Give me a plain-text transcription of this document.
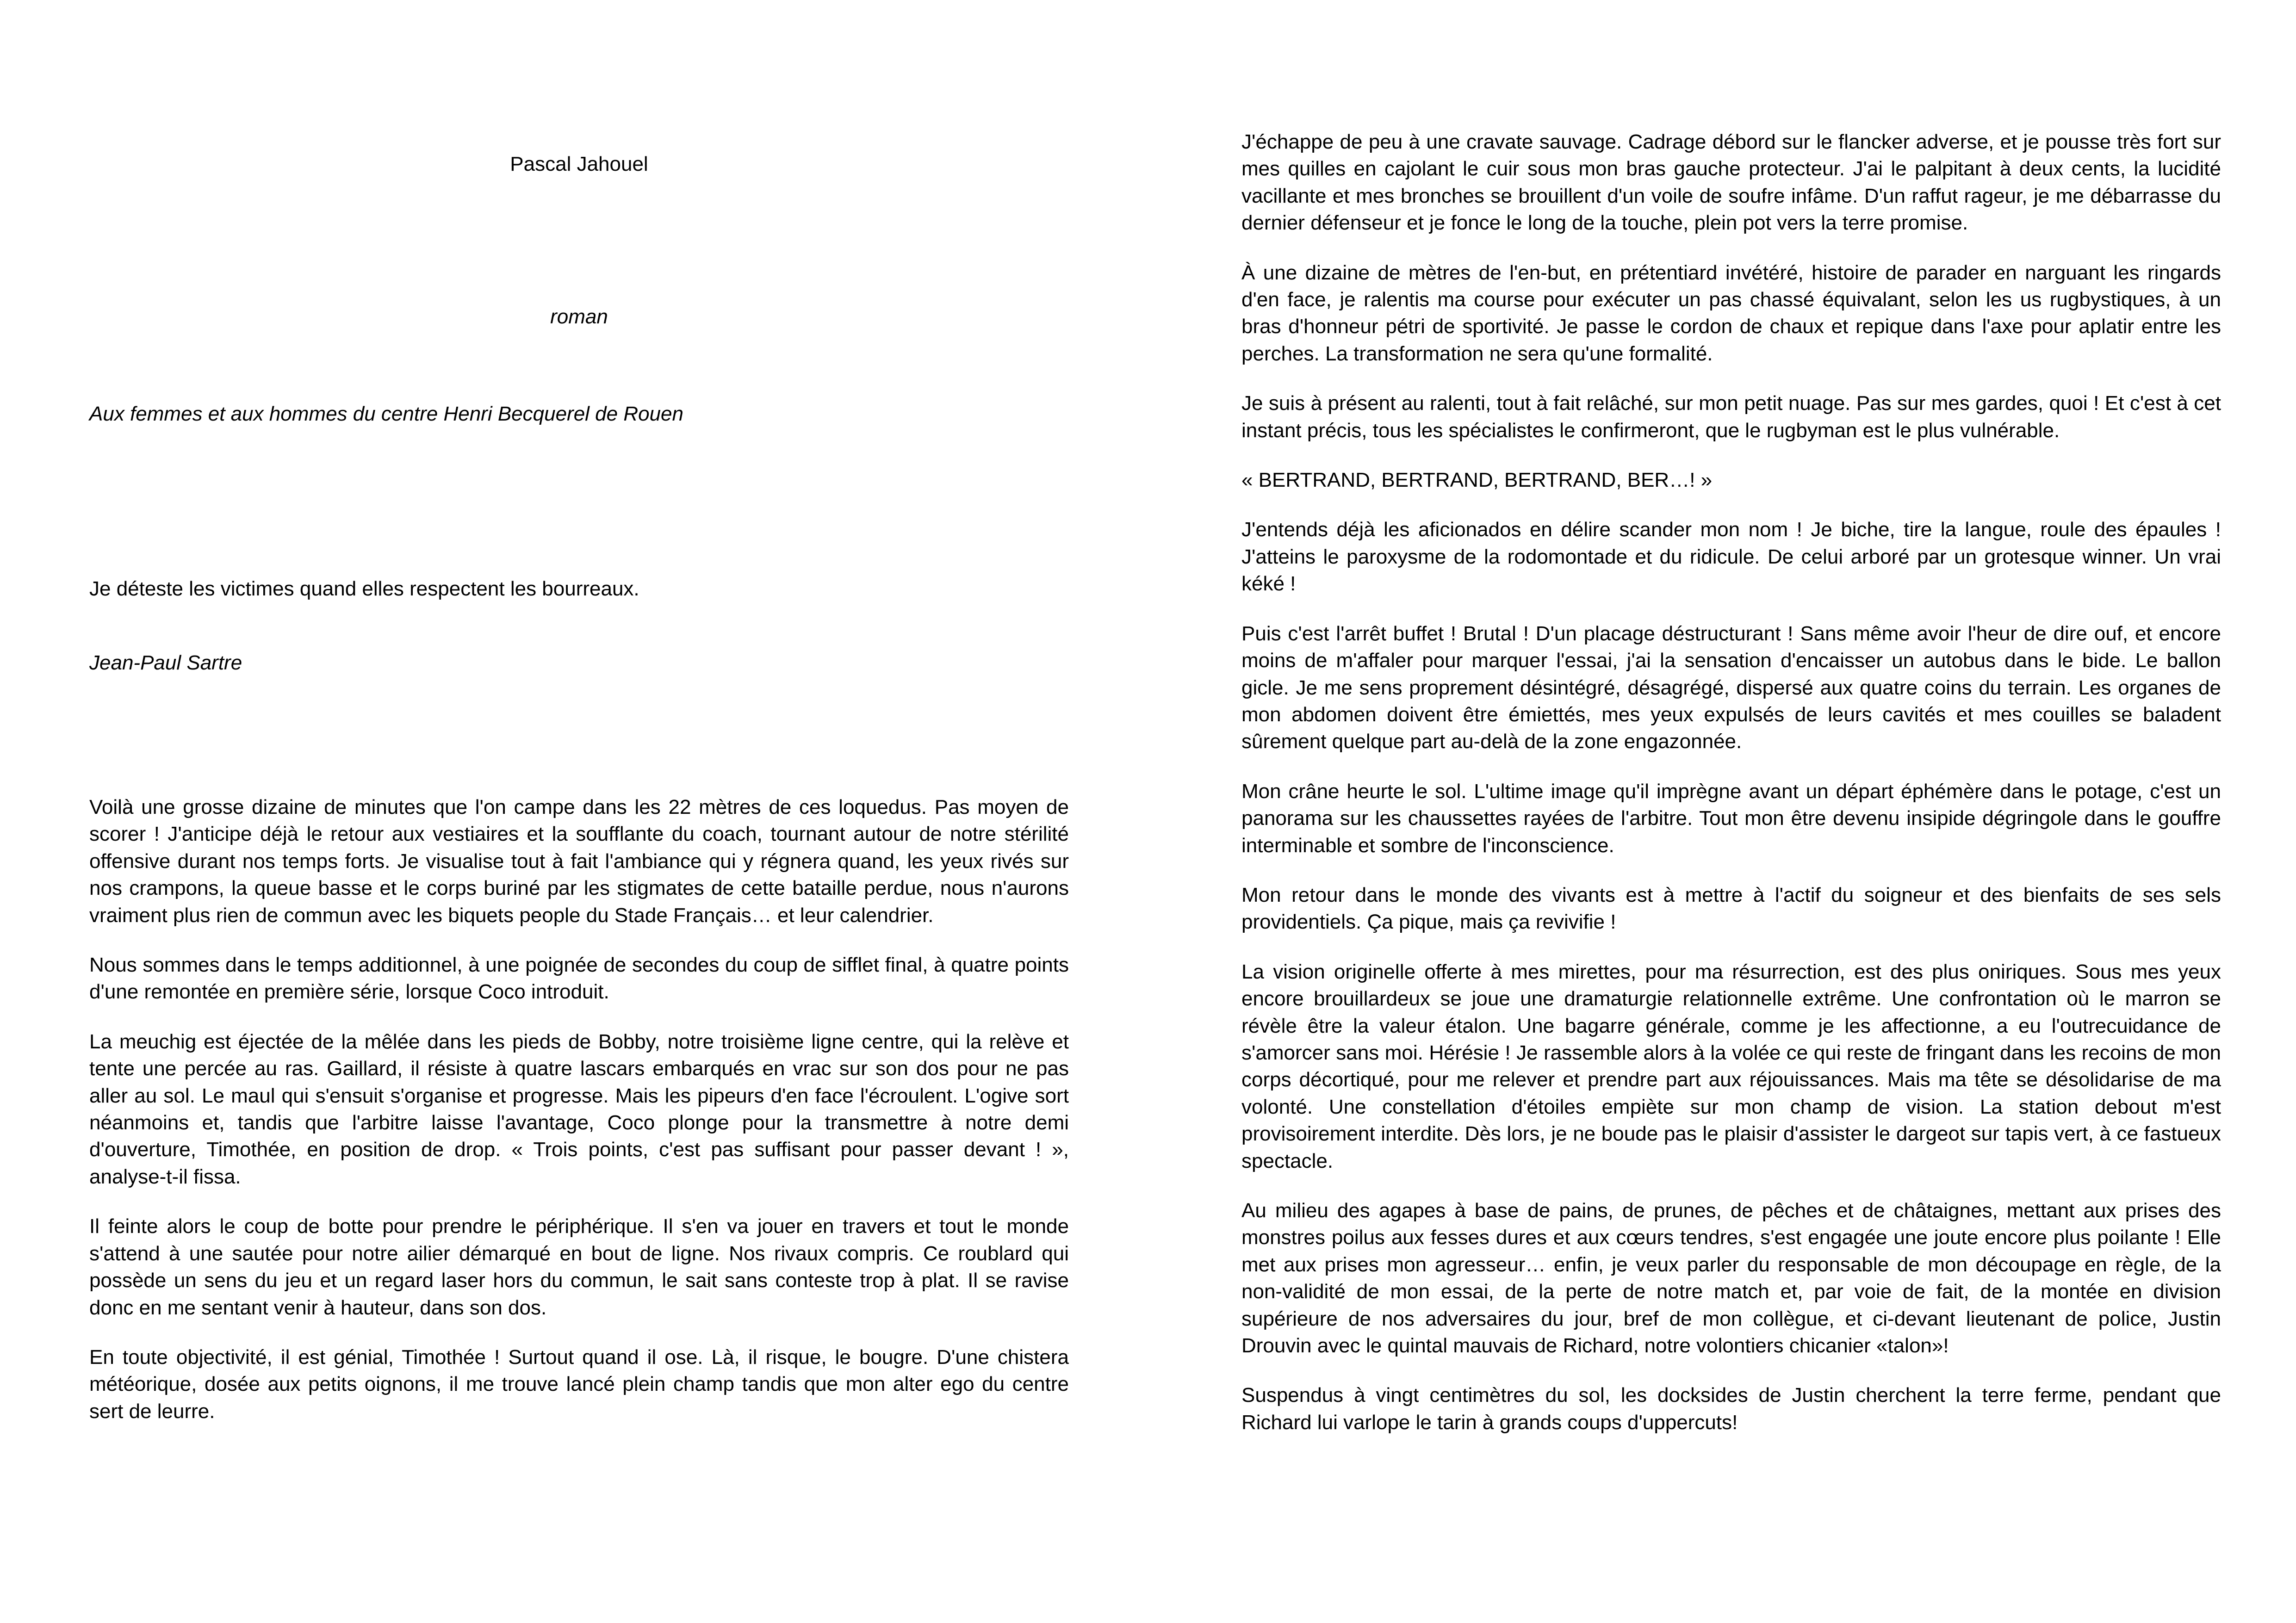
Pascal Jahouel

roman

Aux femmes et aux hommes du centre Henri Becquerel de Rouen

Je déteste les victimes quand elles respectent les bourreaux.

Jean-Paul Sartre

Voilà une grosse dizaine de minutes que l'on campe dans les 22 mètres de ces loquedus. Pas moyen de scorer ! J'anticipe déjà le retour aux vestiaires et la soufflante du coach, tournant autour de notre stérilité offensive durant nos temps forts. Je visualise tout à fait l'ambiance qui y régnera quand, les yeux rivés sur nos crampons, la queue basse et le corps buriné par les stigmates de cette bataille perdue, nous n'aurons vraiment plus rien de commun avec les biquets people du Stade Français… et leur calendrier.

Nous sommes dans le temps additionnel, à une poignée de secondes du coup de sifflet final, à quatre points d'une remontée en première série, lorsque Coco introduit.

La meuchig est éjectée de la mêlée dans les pieds de Bobby, notre troisième ligne centre, qui la relève et tente une percée au ras. Gaillard, il résiste à quatre lascars embarqués en vrac sur son dos pour ne pas aller au sol. Le maul qui s'ensuit s'organise et progresse. Mais les pipeurs d'en face l'écroulent. L'ogive sort néanmoins et, tandis que l'arbitre laisse l'avantage, Coco plonge pour la transmettre à notre demi d'ouverture, Timothée, en position de drop. « Trois points, c'est pas suffisant pour passer devant ! », analyse-t-il fissa.

Il feinte alors le coup de botte pour prendre le périphérique. Il s'en va jouer en travers et tout le monde s'attend à une sautée pour notre ailier démarqué en bout de ligne. Nos rivaux compris. Ce roublard qui possède un sens du jeu et un regard laser hors du commun, le sait sans conteste trop à plat. Il se ravise donc en me sentant venir à hauteur, dans son dos.

En toute objectivité, il est génial, Timothée ! Surtout quand il ose. Là, il risque, le bougre. D'une chistera météorique, dosée aux petits oignons, il me trouve lancé plein champ tandis que mon alter ego du centre sert de leurre.

J'échappe de peu à une cravate sauvage. Cadrage débord sur le flancker adverse, et je pousse très fort sur mes quilles en cajolant le cuir sous mon bras gauche protecteur. J'ai le palpitant à deux cents, la lucidité vacillante et mes bronches se brouillent d'un voile de soufre infâme. D'un raffut rageur, je me débarrasse du dernier défenseur et je fonce le long de la touche, plein pot vers la terre promise.

À une dizaine de mètres de l'en-but, en prétentiard invétéré, histoire de parader en narguant les ringards d'en face, je ralentis ma course pour exécuter un pas chassé équivalant, selon les us rugbystiques, à un bras d'honneur pétri de sportivité. Je passe le cordon de chaux et repique dans l'axe pour aplatir entre les perches. La transformation ne sera qu'une formalité.

Je suis à présent au ralenti, tout à fait relâché, sur mon petit nuage. Pas sur mes gardes, quoi ! Et c'est à cet instant précis, tous les spécialistes le confirmeront, que le rugbyman est le plus vulnérable.

« BERTRAND, BERTRAND, BERTRAND, BER…! »

J'entends déjà les aficionados en délire scander mon nom ! Je biche, tire la langue, roule des épaules ! J'atteins le paroxysme de la rodomontade et du ridicule. De celui arboré par un grotesque winner. Un vrai kéké !

Puis c'est l'arrêt buffet ! Brutal ! D'un placage déstructurant ! Sans même avoir l'heur de dire ouf, et encore moins de m'affaler pour marquer l'essai, j'ai la sensation d'encaisser un autobus dans le bide. Le ballon gicle. Je me sens proprement désintégré, désagrégé, dispersé aux quatre coins du terrain. Les organes de mon abdomen doivent être émiettés, mes yeux expulsés de leurs cavités et mes couilles se baladent sûrement quelque part au-delà de la zone engazonnée.

Mon crâne heurte le sol. L'ultime image qu'il imprègne avant un départ éphémère dans le potage, c'est un panorama sur les chaussettes rayées de l'arbitre. Tout mon être devenu insipide dégringole dans le gouffre interminable et sombre de l'inconscience.

Mon retour dans le monde des vivants est à mettre à l'actif du soigneur et des bienfaits de ses sels providentiels. Ça pique, mais ça revivifie !

La vision originelle offerte à mes mirettes, pour ma résurrection, est des plus oniriques. Sous mes yeux encore brouillardeux se joue une dramaturgie relationnelle extrême. Une confrontation où le marron se révèle être la valeur étalon. Une bagarre générale, comme je les affectionne, a eu l'outrecuidance de s'amorcer sans moi. Hérésie ! Je rassemble alors à la volée ce qui reste de fringant dans les recoins de mon corps décortiqué, pour me relever et prendre part aux réjouissances. Mais ma tête se désolidarise de ma volonté. Une constellation d'étoiles empiète sur mon champ de vision. La station debout m'est provisoirement interdite. Dès lors, je ne boude pas le plaisir d'assister le dargeot sur tapis vert, à ce fastueux spectacle.

Au milieu des agapes à base de pains, de prunes, de pêches et de châtaignes, mettant aux prises des monstres poilus aux fesses dures et aux cœurs tendres, s'est engagée une joute encore plus poilante ! Elle met aux prises mon agresseur… enfin, je veux parler du responsable de mon découpage en règle, de la non-validité de mon essai, de la perte de notre match et, par voie de fait, de la montée en division supérieure de nos adversaires du jour, bref de mon collègue, et ci-devant lieutenant de police, Justin Drouvin avec le quintal mauvais de Richard, notre volontiers chicanier «talon»!

Suspendus à vingt centimètres du sol, les docksides de Justin cherchent la terre ferme, pendant que Richard lui varlope le tarin à grands coups d'uppercuts!
